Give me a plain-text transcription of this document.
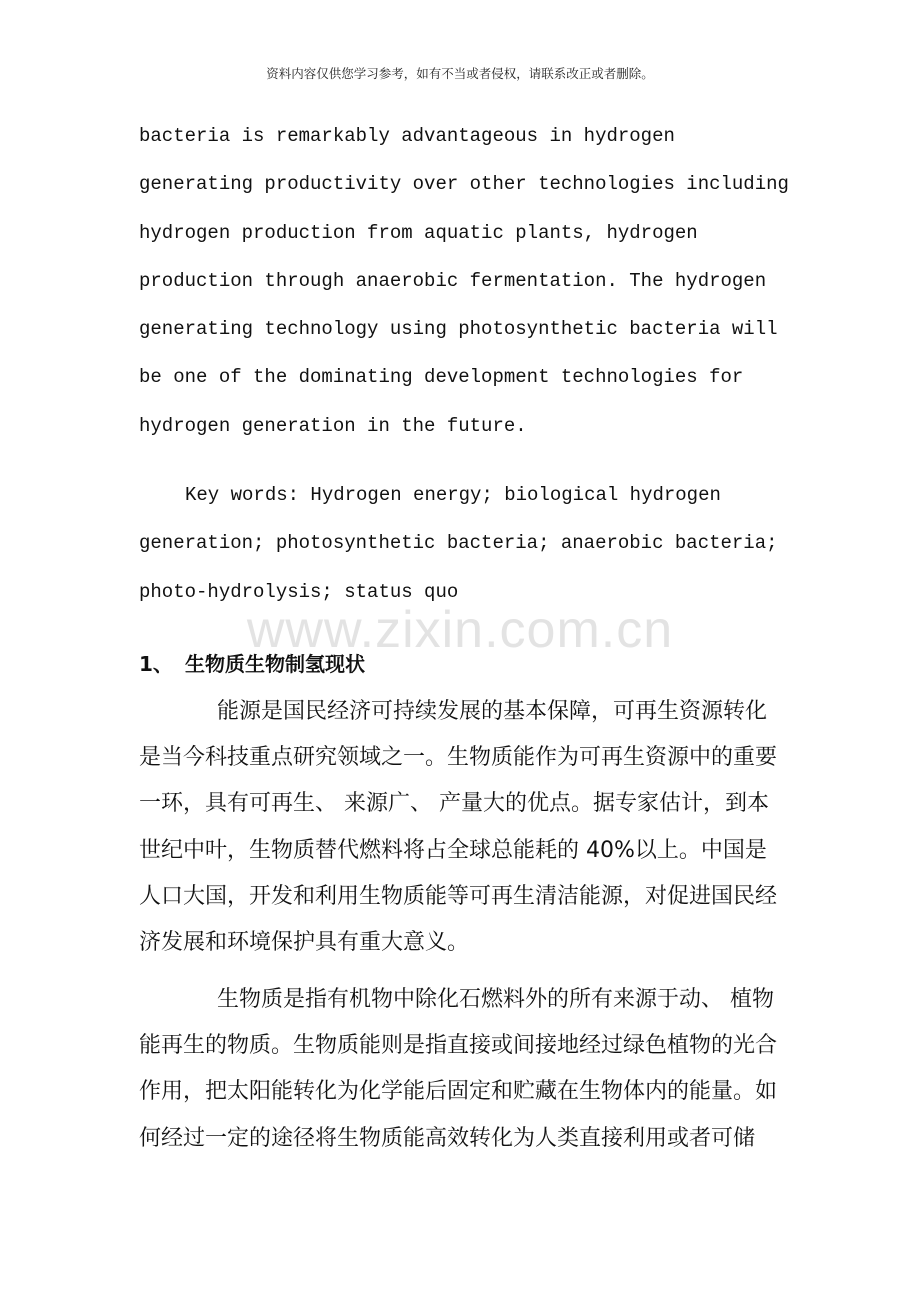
资料内容仅供您学习参考，如有不当或者侵权，请联系改正或者删除。
www.zixin.com.cn
bacteria is remarkably advantageous in hydrogen
generating productivity over other technologies including
hydrogen production from aquatic plants, hydrogen
production through anaerobic fermentation. The hydrogen
generating technology using photosynthetic bacteria will
be one of the dominating development technologies for
hydrogen generation in the future.
Key words: Hydrogen energy; biological hydrogen
generation; photosynthetic bacteria; anaerobic bacteria;
photo-hydrolysis; status quo
1、 生物质生物制氢现状
能源是国民经济可持续发展的基本保障，可再生资源转化
是当今科技重点研究领域之一。生物质能作为可再生资源中的重要
一环，具有可再生、 来源广、 产量大的优点。据专家估计，到本
世纪中叶，生物质替代燃料将占全球总能耗的 40%以上。中国是
人口大国，开发和利用生物质能等可再生清洁能源，对促进国民经
济发展和环境保护具有重大意义。
生物质是指有机物中除化石燃料外的所有来源于动、 植物
能再生的物质。生物质能则是指直接或间接地经过绿色植物的光合
作用，把太阳能转化为化学能后固定和贮藏在生物体内的能量。如
何经过一定的途径将生物质能高效转化为人类直接利用或者可储
